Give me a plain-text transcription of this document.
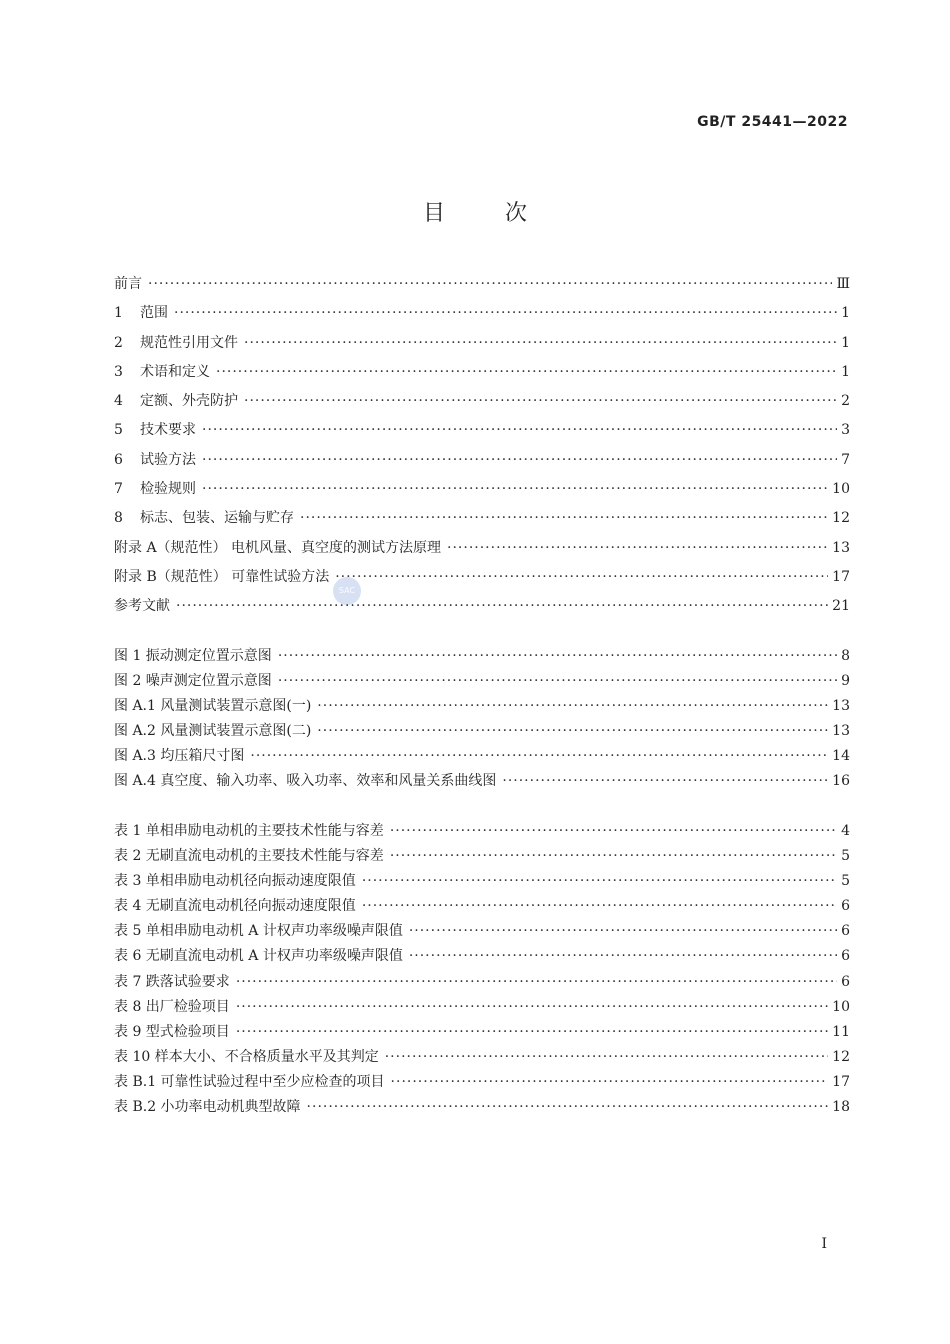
GB/T 25441—2022
目次
SAC
前言 ·····	Ⅲ
1	范围 ·····	1
2	规范性引用文件 ·····	1
3	术语和定义 ·····	1
4	定额、外壳防护 ·····	2
5	技术要求 ·····	3
6	试验方法 ·····	7
7	检验规则 ·····	10
8	标志、包装、运输与贮存 ·····	12
附录 A（规范性） 电机风量、真空度的测试方法原理 ·····	13
附录 B（规范性） 可靠性试验方法 ·····	17
参考文献 ·····	21
图 1 振动测定位置示意图 ·····	8
图 2 噪声测定位置示意图 ·····	9
图 A.1 风量测试装置示意图(一) ·····	13
图 A.2 风量测试装置示意图(二) ·····	13
图 A.3 均压箱尺寸图 ·····	14
图 A.4 真空度、输入功率、吸入功率、效率和风量关系曲线图 ·····	16
表 1 单相串励电动机的主要技术性能与容差 ·····	4
表 2 无刷直流电动机的主要技术性能与容差 ·····	5
表 3 单相串励电动机径向振动速度限值 ·····	5
表 4 无刷直流电动机径向振动速度限值 ·····	6
表 5 单相串励电动机 A 计权声功率级噪声限值 ·····	6
表 6 无刷直流电动机 A 计权声功率级噪声限值 ·····	6
表 7 跌落试验要求 ·····	6
表 8 出厂检验项目 ·····	10
表 9 型式检验项目 ·····	11
表 10 样本大小、不合格质量水平及其判定 ·····	12
表 B.1 可靠性试验过程中至少应检查的项目 ·····	17
表 B.2 小功率电动机典型故障 ·····	18
I
